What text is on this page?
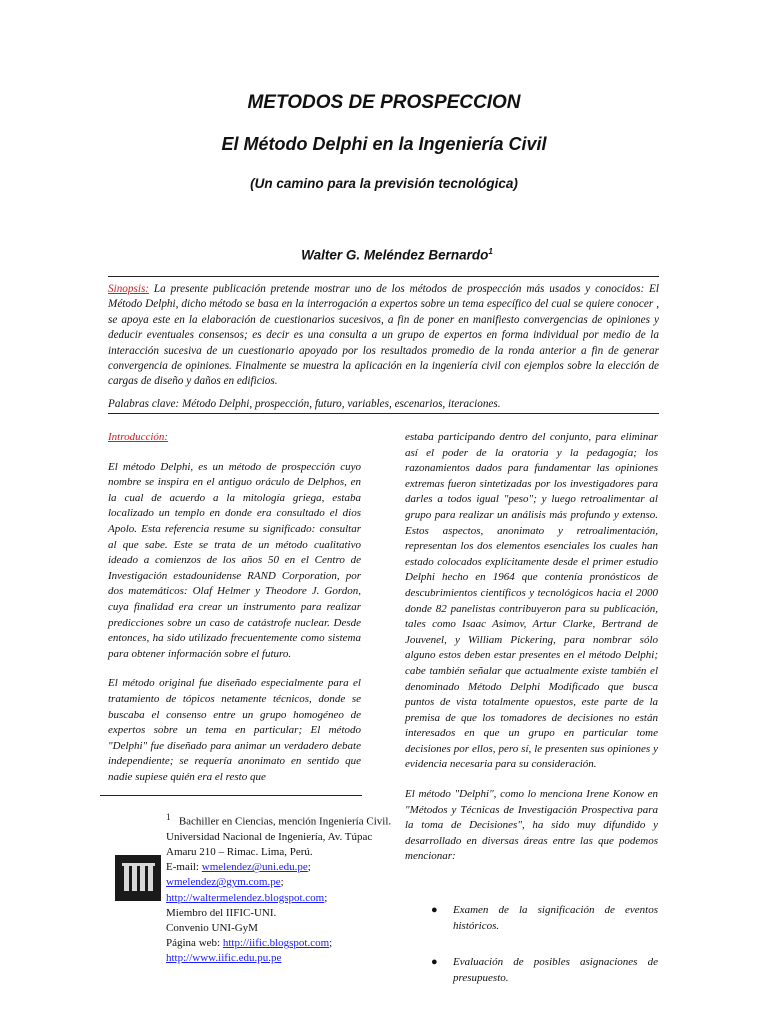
METODOS DE PROSPECCION
El Método Delphi en la Ingeniería Civil
(Un camino para la previsión tecnológica)
Walter G. Meléndez Bernardo$^1$
Sinopsis: La presente publicación pretende mostrar uno de los métodos de prospección más usados y conocidos: El Método Delphi, dicho método se basa en la interrogación a expertos sobre un tema específico del cual se quiere conocer , se apoya este en la elaboración de cuestionarios sucesivos, a fin de poner en manifiesto convergencias de opiniones y deducir eventuales consensos; es decir es una consulta a un grupo de expertos en forma individual por medio de la interacción sucesiva de un cuestionario apoyado por los resultados promedio de la ronda anterior a fin de generar convergencia de opiniones. Finalmente se muestra la aplicación en la ingeniería civil con ejemplos sobre la elección de cargas de diseño y daños en edificios.
Palabras clave: Método Delphi, prospección, futuro, variables, escenarios, iteraciones.

Introducción:

El método Delphi, es un método de prospección cuyo nombre se inspira en el antiguo oráculo de Delphos, en la cual de acuerdo a la mitología griega, estaba localizado un templo en donde era consultado el dios Apolo. Esta referencia resume su significado: consultar al que sabe. Este se trata de un método cualitativo ideado a comienzos de los años 50 en el Centro de Investigación estadounidense RAND Corporation, por dos matemáticos: Olaf Helmer y Theodore J. Gordon, cuya finalidad era crear un instrumento para realizar predicciones sobre un caso de catástrofe nuclear. Desde entonces, ha sido utilizado frecuentemente como sistema para obtener información sobre el futuro.

El método original fue diseñado especialmente para el tratamiento de tópicos netamente técnicos, donde se buscaba el consenso entre un grupo homogéneo de expertos sobre un tema en particular; El método "Delphi" fue diseñado para animar un verdadero debate independiente; se requería anonimato en sentido que nadie supiese quién era el resto que

estaba participando dentro del conjunto, para eliminar así el poder de la oratoria y la pedagogía; los razonamientos dados para fundamentar las opiniones extremas fueron sintetizadas por los investigadores para darles a todos igual "peso"; y luego retroalimentar al grupo para realizar un análisis más profundo y extenso. Estos aspectos, anonimato y retroalimentación, representan los dos elementos esenciales los cuales han estado colocados explícitamente desde el primer estudio Delphi hecho en 1964 que contenía pronósticos de descubrimientos científicos y tecnológicos hacia el 2000 donde 82 panelistas contribuyeron para su publicación, tales como Isaac Asimov, Artur Clarke, Bertrand de Jouvenel, y William Pickering, para nombrar sólo alguno estos deben estar presentes en el método Delphi; cabe también señalar que actualmente existe también el denominado Método Delphi Modificado que busca puntos de vista totalmente opuestos, este parte de la premisa de que los tomadores de decisiones no están interesados en que un grupo en particular tome decisiones por ellos, pero sí, le presenten sus opiniones y evidencia necesaria para su consideración.

El método "Delphi", como lo menciona Irene Konow en "Métodos y Técnicas de Investigación Prospectiva para la toma de Decisiones", ha sido muy difundido y desarrollado en diversas áreas entre las que podemos mencionar:

● Examen de la significación de eventos históricos.
● Evaluación de posibles asignaciones de presupuesto.
$^1$ Bachiller en Ciencias, mención Ingeniería Civil. Universidad Nacional de Ingeniería, Av. Túpac Amaru 210 – Rimac. Lima, Perú.
E-mail: wmelendez@uni.edu.pe;
wmelendez@gym.com.pe;
http://waltermelendez.blogspot.com;
Miembro del IIFIC-UNI.
Convenio UNI-GyM
Página web: http://iific.blogspot.com;
http://www.iific.edu.pu.pe
